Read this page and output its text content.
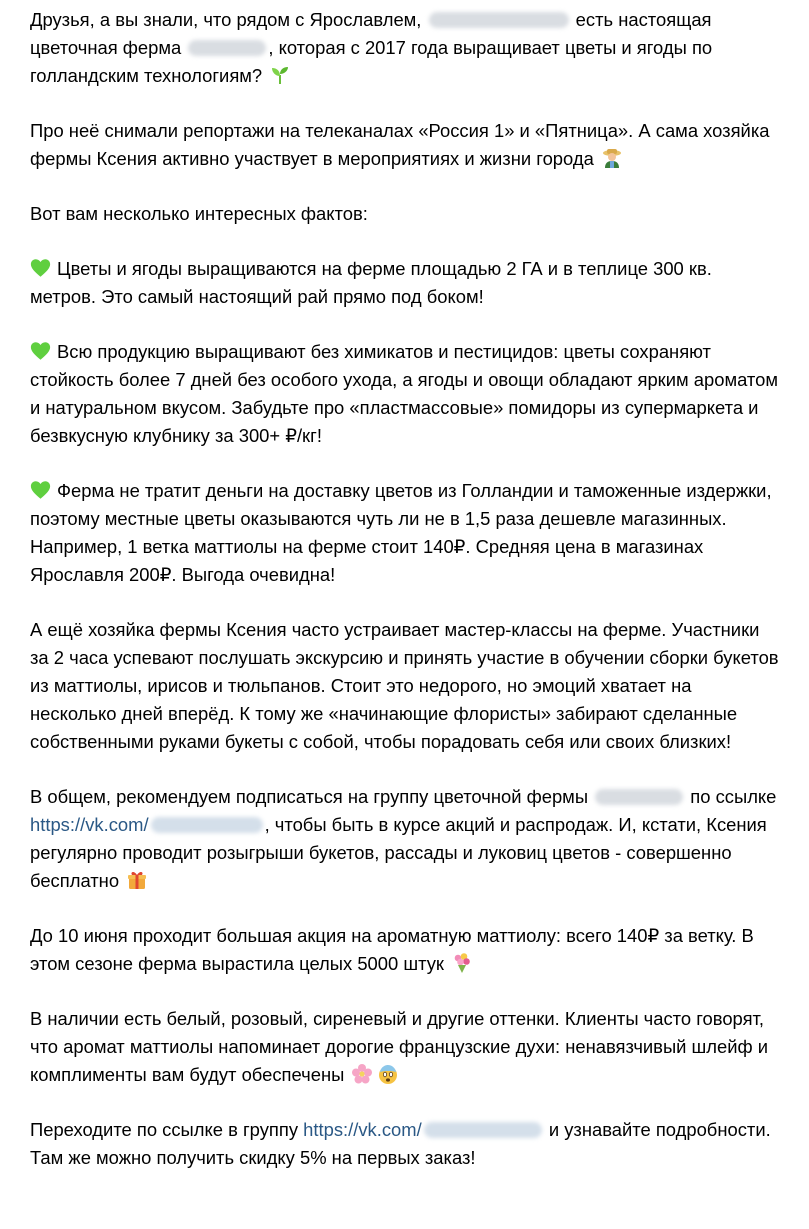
Друзья, а вы знали, что рядом с Ярославлем,	есть настоящая цветочная ферма	, которая с 2017 года выращивает цветы и ягоды по голландским технологиям?

Про неё снимали репортажи на телеканалах «Россия 1» и «Пятница». А сама хозяйка фермы Ксения активно участвует в мероприятиях и жизни города

Вот вам несколько интересных фактов:

Цветы и ягоды выращиваются на ферме площадью 2 ГА и в теплице 300 кв. метров. Это самый настоящий рай прямо под боком!

Всю продукцию выращивают без химикатов и пестицидов: цветы сохраняют стойкость более 7 дней без особого ухода, а ягоды и овощи обладают ярким ароматом и натуральном вкусом. Забудьте про «пластмассовые» помидоры из супермаркета и безвкусную клубнику за 300+ ₽/кг!

Ферма не тратит деньги на доставку цветов из Голландии и таможенные издержки, поэтому местные цветы оказываются чуть ли не в 1,5 раза дешевле магазинных. Например, 1 ветка маттиолы на ферме стоит 140₽. Средняя цена в магазинах Ярославля 200₽. Выгода очевидна!

А ещё хозяйка фермы Ксения часто устраивает мастер-классы на ферме. Участники за 2 часа успевают послушать экскурсию и принять участие в обучении сборки букетов из маттиолы, ирисов и тюльпанов. Стоит это недорого, но эмоций хватает на несколько дней вперёд. К тому же «начинающие флористы» забирают сделанные собственными руками букеты с собой, чтобы порадовать себя или своих близких!

В общем, рекомендуем подписаться на группу цветочной фермы	по ссылке https://vk.com/	, чтобы быть в курсе акций и распродаж. И, кстати, Ксения регулярно проводит розыгрыши букетов, рассады и луковиц цветов - совершенно бесплатно

До 10 июня проходит большая акция на ароматную маттиолу: всего 140₽ за ветку. В этом сезоне ферма вырастила целых 5000 штук

В наличии есть белый, розовый, сиреневый и другие оттенки. Клиенты часто говорят, что аромат маттиолы напоминает дорогие французские духи: ненавязчивый шлейф и комплименты вам будут обеспечены

Переходите по ссылке в группу https://vk.com/	и узнавайте подробности. Там же можно получить скидку 5% на первых заказ!
